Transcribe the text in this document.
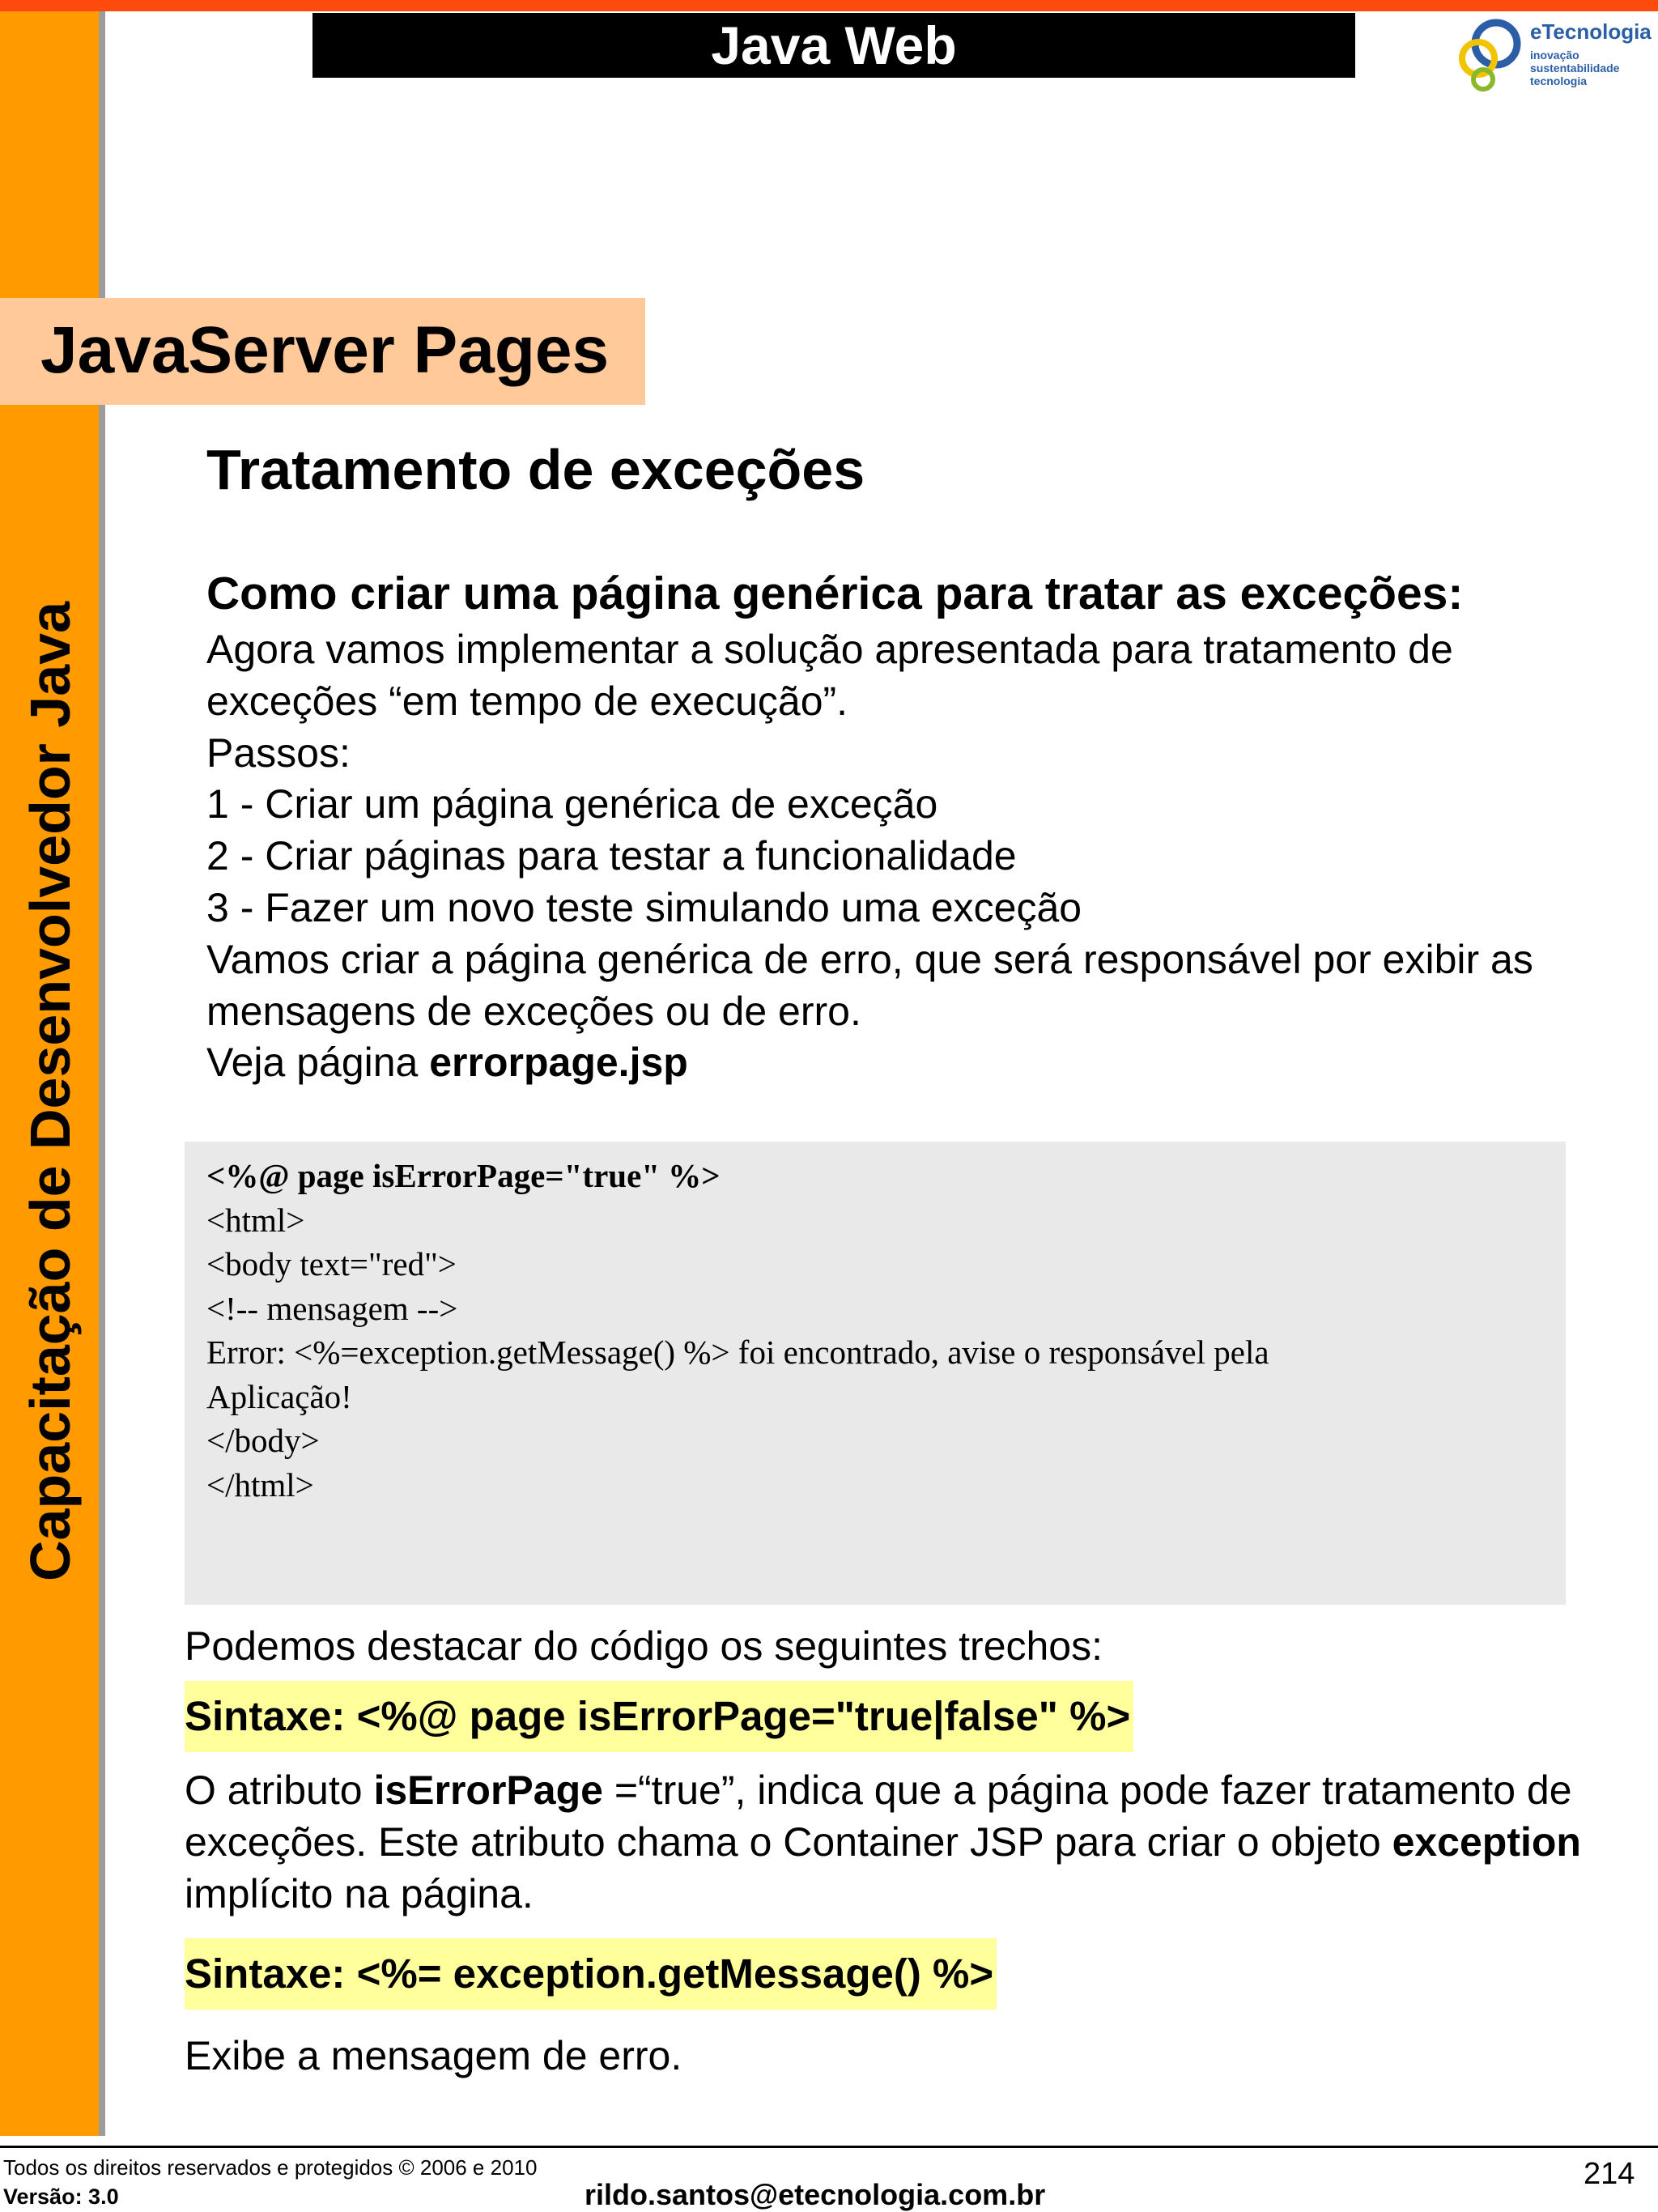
Capacitação de Desenvolvedor Java
Java Web	eTecnologia
inovação
sustentabilidade
tecnologia
JavaServer Pages
Tratamento de exceções

Como criar uma página genérica para tratar as exceções:

Agora vamos implementar a solução apresentada para tratamento de exceções “em tempo de execução”.

Passos:

1 - Criar um página genérica de exceção

2 - Criar páginas para testar a funcionalidade

3 - Fazer um novo teste simulando uma exceção

Vamos criar a página genérica de erro, que será responsável por exibir as mensagens de exceções ou de erro.

Veja página errorpage.jsp

<%@ page isErrorPage="true" %>
<html>
<body text="red">
<!-- mensagem -->
Error: <%=exception.getMessage() %> foi encontrado, avise o responsável pela
Aplicação!
</body>
</html>
Podemos destacar do código os seguintes trechos:
Sintaxe: <%@ page isErrorPage="true|false" %>
O atributo isErrorPage =“true”, indica que a página pode fazer tratamento de exceções. Este atributo chama o Container JSP para criar o objeto exception implícito na página.
Sintaxe: <%= exception.getMessage() %>
Exibe a mensagem de erro.
Todos os direitos reservados e protegidos © 2006 e 2010
Versão: 3.0	rildo.santos@etecnologia.com.br
214
